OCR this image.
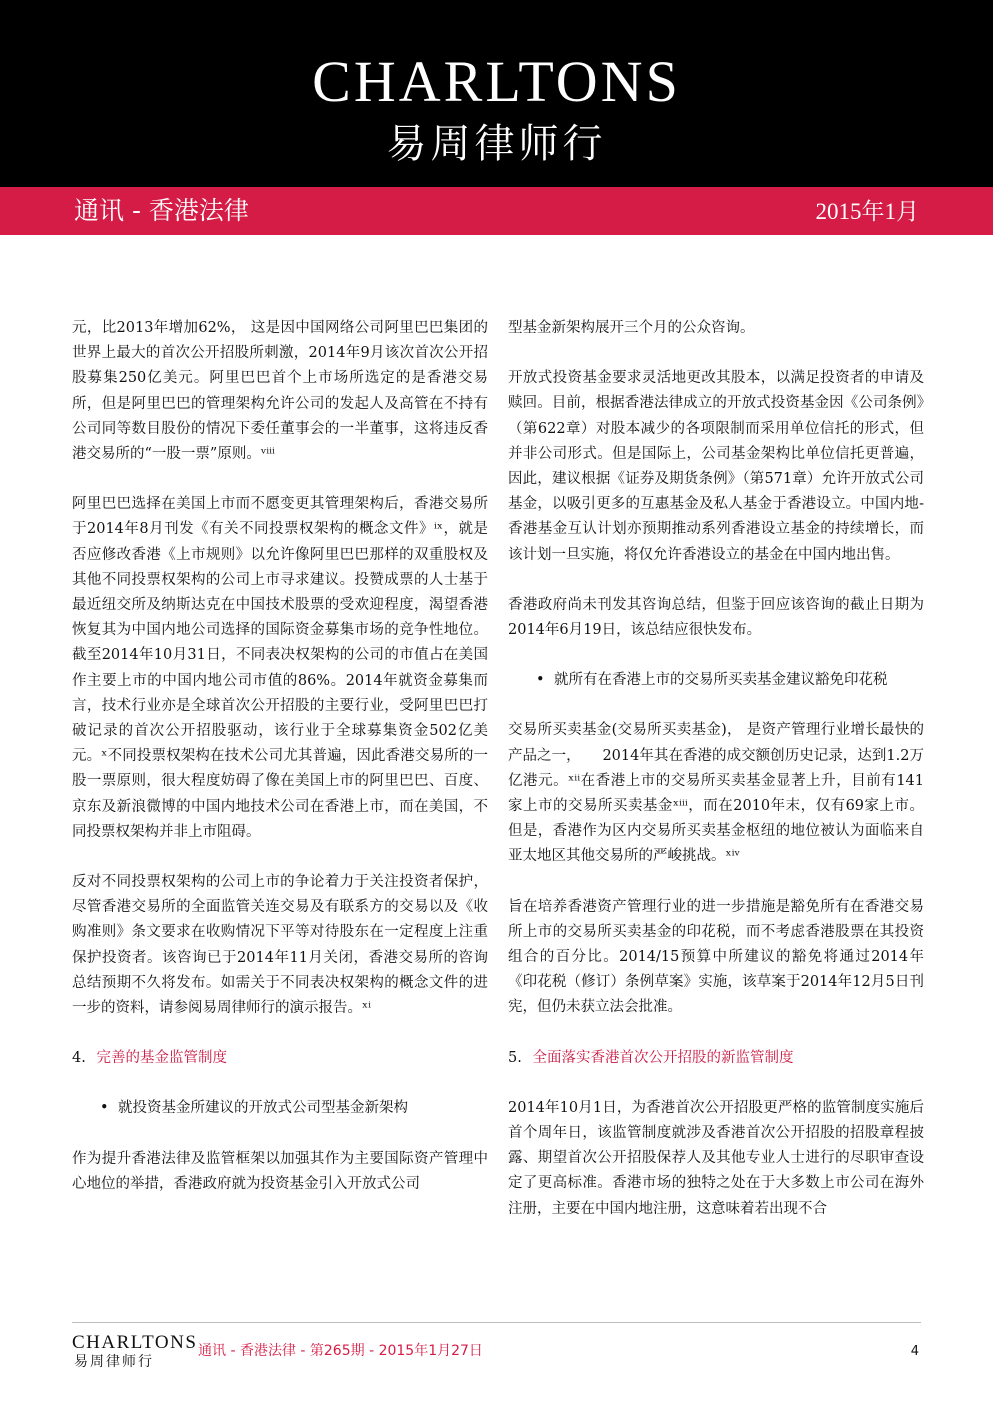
CHARLTONS
易周律师行
通讯 - 香港法律	2015年1月

元，比2013年增加62%， 这是因中国网络公司阿里巴巴集团的世界上最大的首次公开招股所刺激，2014年9月该次首次公开招股募集250亿美元。阿里巴巴首个上市场所选定的是香港交易所，但是阿里巴巴的管理架构允许公司的发起人及高管在不持有公司同等数目股份的情况下委任董事会的一半董事，这将违反香港交易所的“一股一票”原则。ᵛⁱⁱⁱ

阿里巴巴选择在美国上市而不愿变更其管理架构后，香港交易所于2014年8月刊发《有关不同投票权架构的概念文件》ⁱˣ，就是否应修改香港《上市规则》以允许像阿里巴巴那样的双重股权及其他不同投票权架构的公司上市寻求建议。投赞成票的人士基于最近纽交所及纳斯达克在中国技术股票的受欢迎程度，渴望香港恢复其为中国内地公司选择的国际资金募集市场的竞争性地位。截至2014年10月31日，不同表决权架构的公司的市值占在美国作主要上市的中国内地公司市值的86%。2014年就资金募集而言，技术行业亦是全球首次公开招股的主要行业，受阿里巴巴打破记录的首次公开招股驱动，该行业于全球募集资金502亿美元。ˣ不同投票权架构在技术公司尤其普遍，因此香港交易所的一股一票原则，很大程度妨碍了像在美国上市的阿里巴巴、百度、京东及新浪微博的中国内地技术公司在香港上市，而在美国，不同投票权架构并非上市阻碍。

反对不同投票权架构的公司上市的争论着力于关注投资者保护，尽管香港交易所的全面监管关连交易及有联系方的交易以及《收购准则》条文要求在收购情况下平等对待股东在一定程度上注重保护投资者。该咨询已于2014年11月关闭，香港交易所的咨询总结预期不久将发布。如需关于不同表决权架构的概念文件的进一步的资料，请参阅易周律师行的演示报告。ˣⁱ

4. 完善的基金监管制度
• 就投资基金所建议的开放式公司型基金新架构

作为提升香港法律及监管框架以加强其作为主要国际资产管理中心地位的举措，香港政府就为投资基金引入开放式公司

型基金新架构展开三个月的公众咨询。

开放式投资基金要求灵活地更改其股本，以满足投资者的申请及赎回。目前，根据香港法律成立的开放式投资基金因《公司条例》（第622章）对股本减少的各项限制而采用单位信托的形式，但并非公司形式。但是国际上，公司基金架构比单位信托更普遍，因此，建议根据《证券及期货条例》（第571章）允许开放式公司基金，以吸引更多的互惠基金及私人基金于香港设立。中国内地-香港基金互认计划亦预期推动系列香港设立基金的持续增长，而该计划一旦实施，将仅允许香港设立的基金在中国内地出售。

香港政府尚未刊发其咨询总结，但鉴于回应该咨询的截止日期为2014年6月19日，该总结应很快发布。

• 就所有在香港上市的交易所买卖基金建议豁免印花税

交易所买卖基金(交易所买卖基金)， 是资产管理行业增长最快的产品之一，　　2014年其在香港的成交额创历史记录，达到1.2万亿港元。ˣⁱⁱ在香港上市的交易所买卖基金显著上升，目前有141家上市的交易所买卖基金ˣⁱⁱⁱ，而在2010年末，仅有69家上市。但是，香港作为区内交易所买卖基金枢纽的地位被认为面临来自亚太地区其他交易所的严峻挑战。ˣⁱᵛ

旨在培养香港资产管理行业的进一步措施是豁免所有在香港交易所上市的交易所买卖基金的印花税，而不考虑香港股票在其投资组合的百分比。2014/15预算中所建议的豁免将通过2014年《印花税（修订）条例草案》实施，该草案于2014年12月5日刊宪，但仍未获立法会批准。

5. 全面落实香港首次公开招股的新监管制度

2014年10月1日，为香港首次公开招股更严格的监管制度实施后首个周年日，该监管制度就涉及香港首次公开招股的招股章程披露、期望首次公开招股保荐人及其他专业人士进行的尽职审查设定了更高标准。香港市场的独特之处在于大多数上市公司在海外注册，主要在中国内地注册，这意味着若出现不合

CHARLTONS
易周律师行
通讯 - 香港法律 - 第265期 - 2015年1月27日	4
